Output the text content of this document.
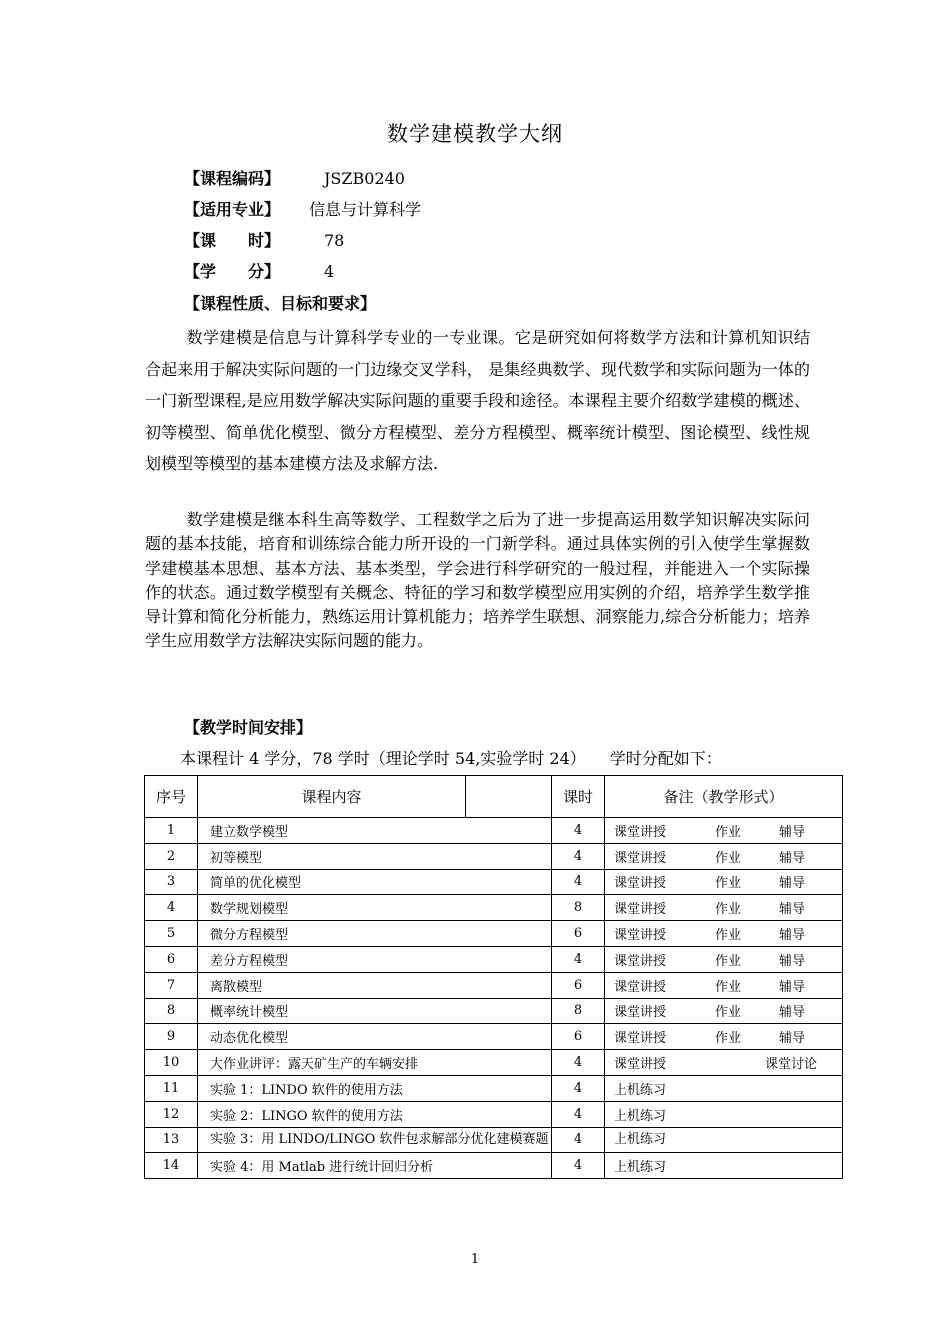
数学建模教学大纲
【课程编码】	JSZB0240
【适用专业】 信息与计算科学
【课　　时】	78
【学　　分】	4
【课程性质、目标和要求】
数学建模是信息与计算科学专业的一专业课。它是研究如何将数学方法和计算机知识结合起来用于解决实际问题的一门边缘交叉学科， 是集经典数学、现代数学和实际问题为一体的一门新型课程,是应用数学解决实际问题的重要手段和途径。本课程主要介绍数学建模的概述、初等模型、简单优化模型、微分方程模型、差分方程模型、概率统计模型、图论模型、线性规划模型等模型的基本建模方法及求解方法.
数学建模是继本科生高等数学、工程数学之后为了进一步提高运用数学知识解决实际问题的基本技能，培育和训练综合能力所开设的一门新学科。通过具体实例的引入使学生掌握数学建模基本思想、基本方法、基本类型，学会进行科学研究的一般过程，并能进入一个实际操作的状态。通过数学模型有关概念、特征的学习和数学模型应用实例的介绍，培养学生数学推导计算和简化分析能力，熟练运用计算机能力；培养学生联想、洞察能力,综合分析能力；培养学生应用数学方法解决实际问题的能力。
【教学时间安排】
本课程计 4 学分，78 学时（理论学时 54,实验学时 24）　　学时分配如下：
序号	课程内容		课时	备注（教学形式）
1	建立数学模型		4	课堂讲授 作业 辅导
2	初等模型		4	课堂讲授 作业 辅导
3	简单的优化模型		4	课堂讲授 作业 辅导
4	数学规划模型		8	课堂讲授 作业 辅导
5	微分方程模型		6	课堂讲授 作业 辅导
6	差分方程模型		4	课堂讲授 作业 辅导
7	离散模型		6	课堂讲授 作业 辅导
8	概率统计模型		8	课堂讲授 作业 辅导
9	动态优化模型		6	课堂讲授 作业 辅导
10	大作业讲评：露天矿生产的车辆安排		4	课堂讲授 课堂讨论
11	实验 1：LINDO 软件的使用方法		4	上机练习
12	实验 2：LINGO 软件的使用方法		4	上机练习
13	实验 3：用 LINDO/LINGO 软件包求解部分优化建模赛题		4	上机练习
14	实验 4：用 Matlab 进行统计回归分析		4	上机练习
1
